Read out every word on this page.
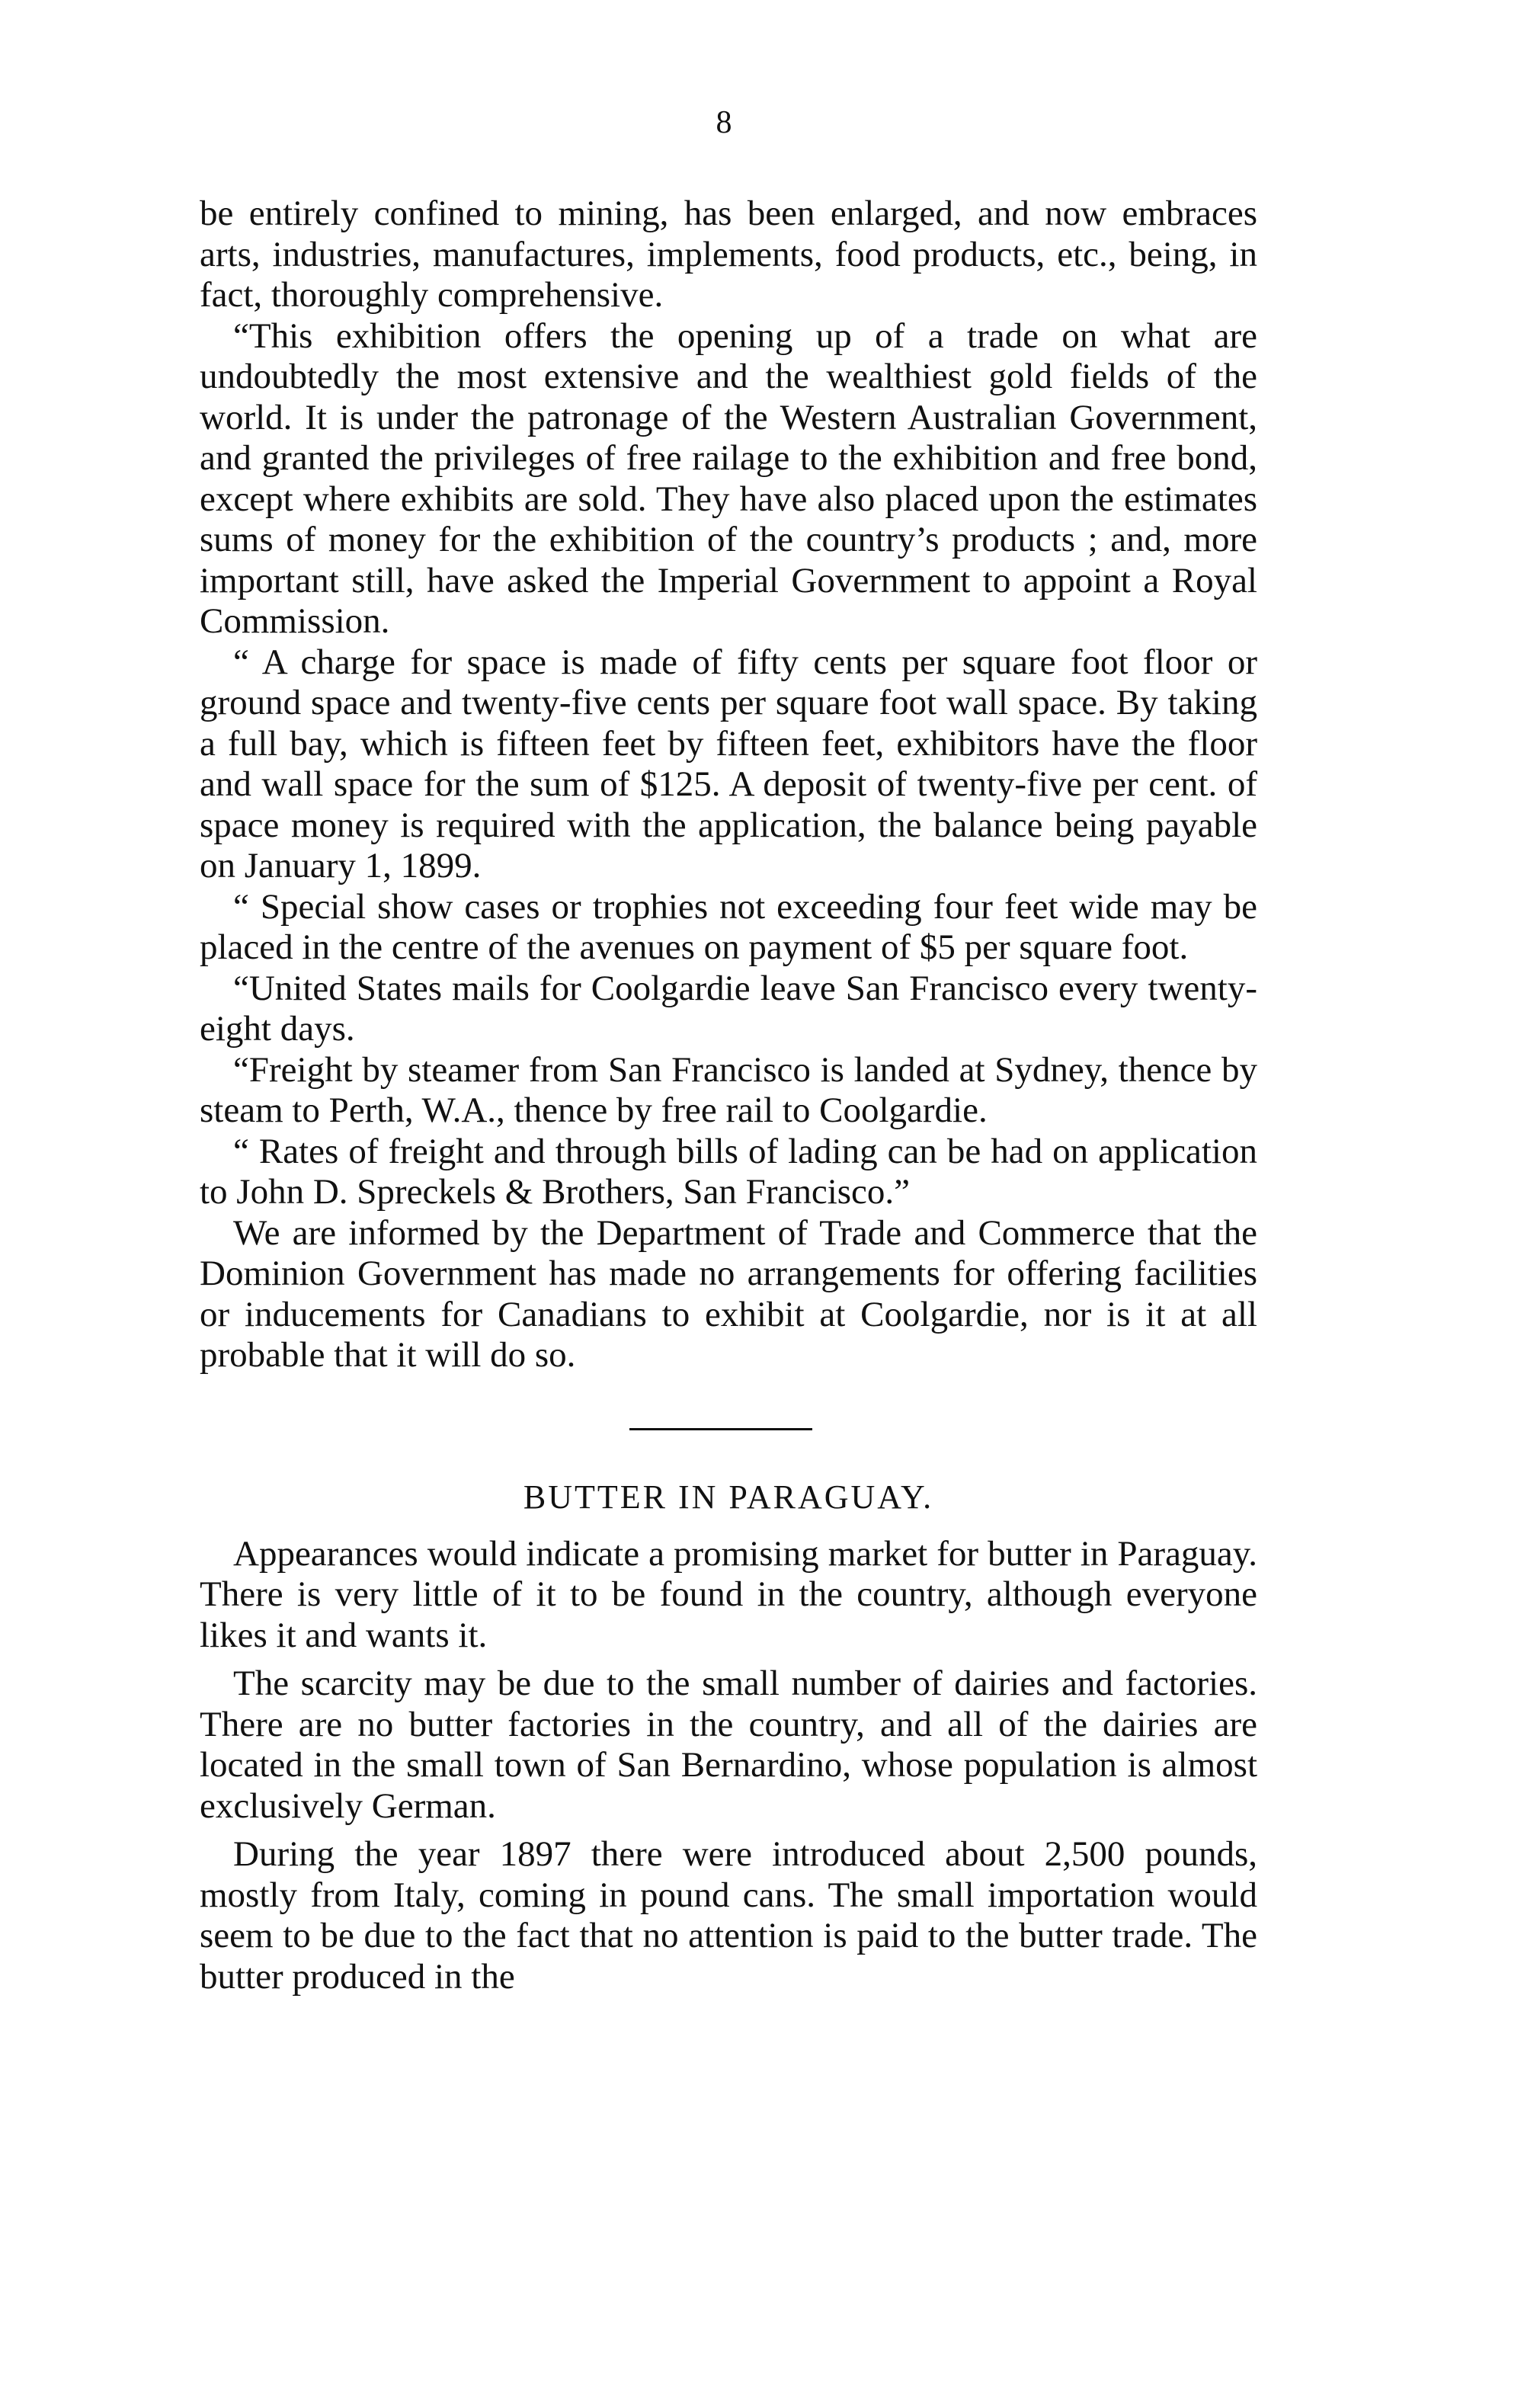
8

be entirely confined to mining, has been enlarged, and now embraces arts, industries, manufactures, implements, food products, etc., being, in fact, thoroughly comprehensive.

“This exhibition offers the opening up of a trade on what are undoubtedly the most extensive and the wealthiest gold fields of the world. It is under the patronage of the Western Australian Government, and granted the privileges of free railage to the exhibition and free bond, except where exhibits are sold. They have also placed upon the estimates sums of money for the exhibition of the country’s products ; and, more important still, have asked the Imperial Government to appoint a Royal Commission.

“ A charge for space is made of fifty cents per square foot floor or ground space and twenty-five cents per square foot wall space. By taking a full bay, which is fifteen feet by fifteen feet, exhibitors have the floor and wall space for the sum of $125. A deposit of twenty-five per cent. of space money is required with the application, the balance being payable on January 1, 1899.

“ Special show cases or trophies not exceeding four feet wide may be placed in the centre of the avenues on payment of $5 per square foot.

“United States mails for Coolgardie leave San Francisco every twenty-eight days.

“Freight by steamer from San Francisco is landed at Sydney, thence by steam to Perth, W.A., thence by free rail to Coolgardie.

“ Rates of freight and through bills of lading can be had on application to John D. Spreckels & Brothers, San Francisco.”

We are informed by the Department of Trade and Commerce that the Dominion Government has made no arrangements for offering facilities or inducements for Canadians to exhibit at Coolgardie, nor is it at all probable that it will do so.

BUTTER IN PARAGUAY.

Appearances would indicate a promising market for butter in Paraguay. There is very little of it to be found in the country, although everyone likes it and wants it.

The scarcity may be due to the small number of dairies and factories. There are no butter factories in the country, and all of the dairies are located in the small town of San Bernardino, whose population is almost exclusively German.

During the year 1897 there were introduced about 2,500 pounds, mostly from Italy, coming in pound cans. The small importation would seem to be due to the fact that no attention is paid to the butter trade. The butter produced in the
